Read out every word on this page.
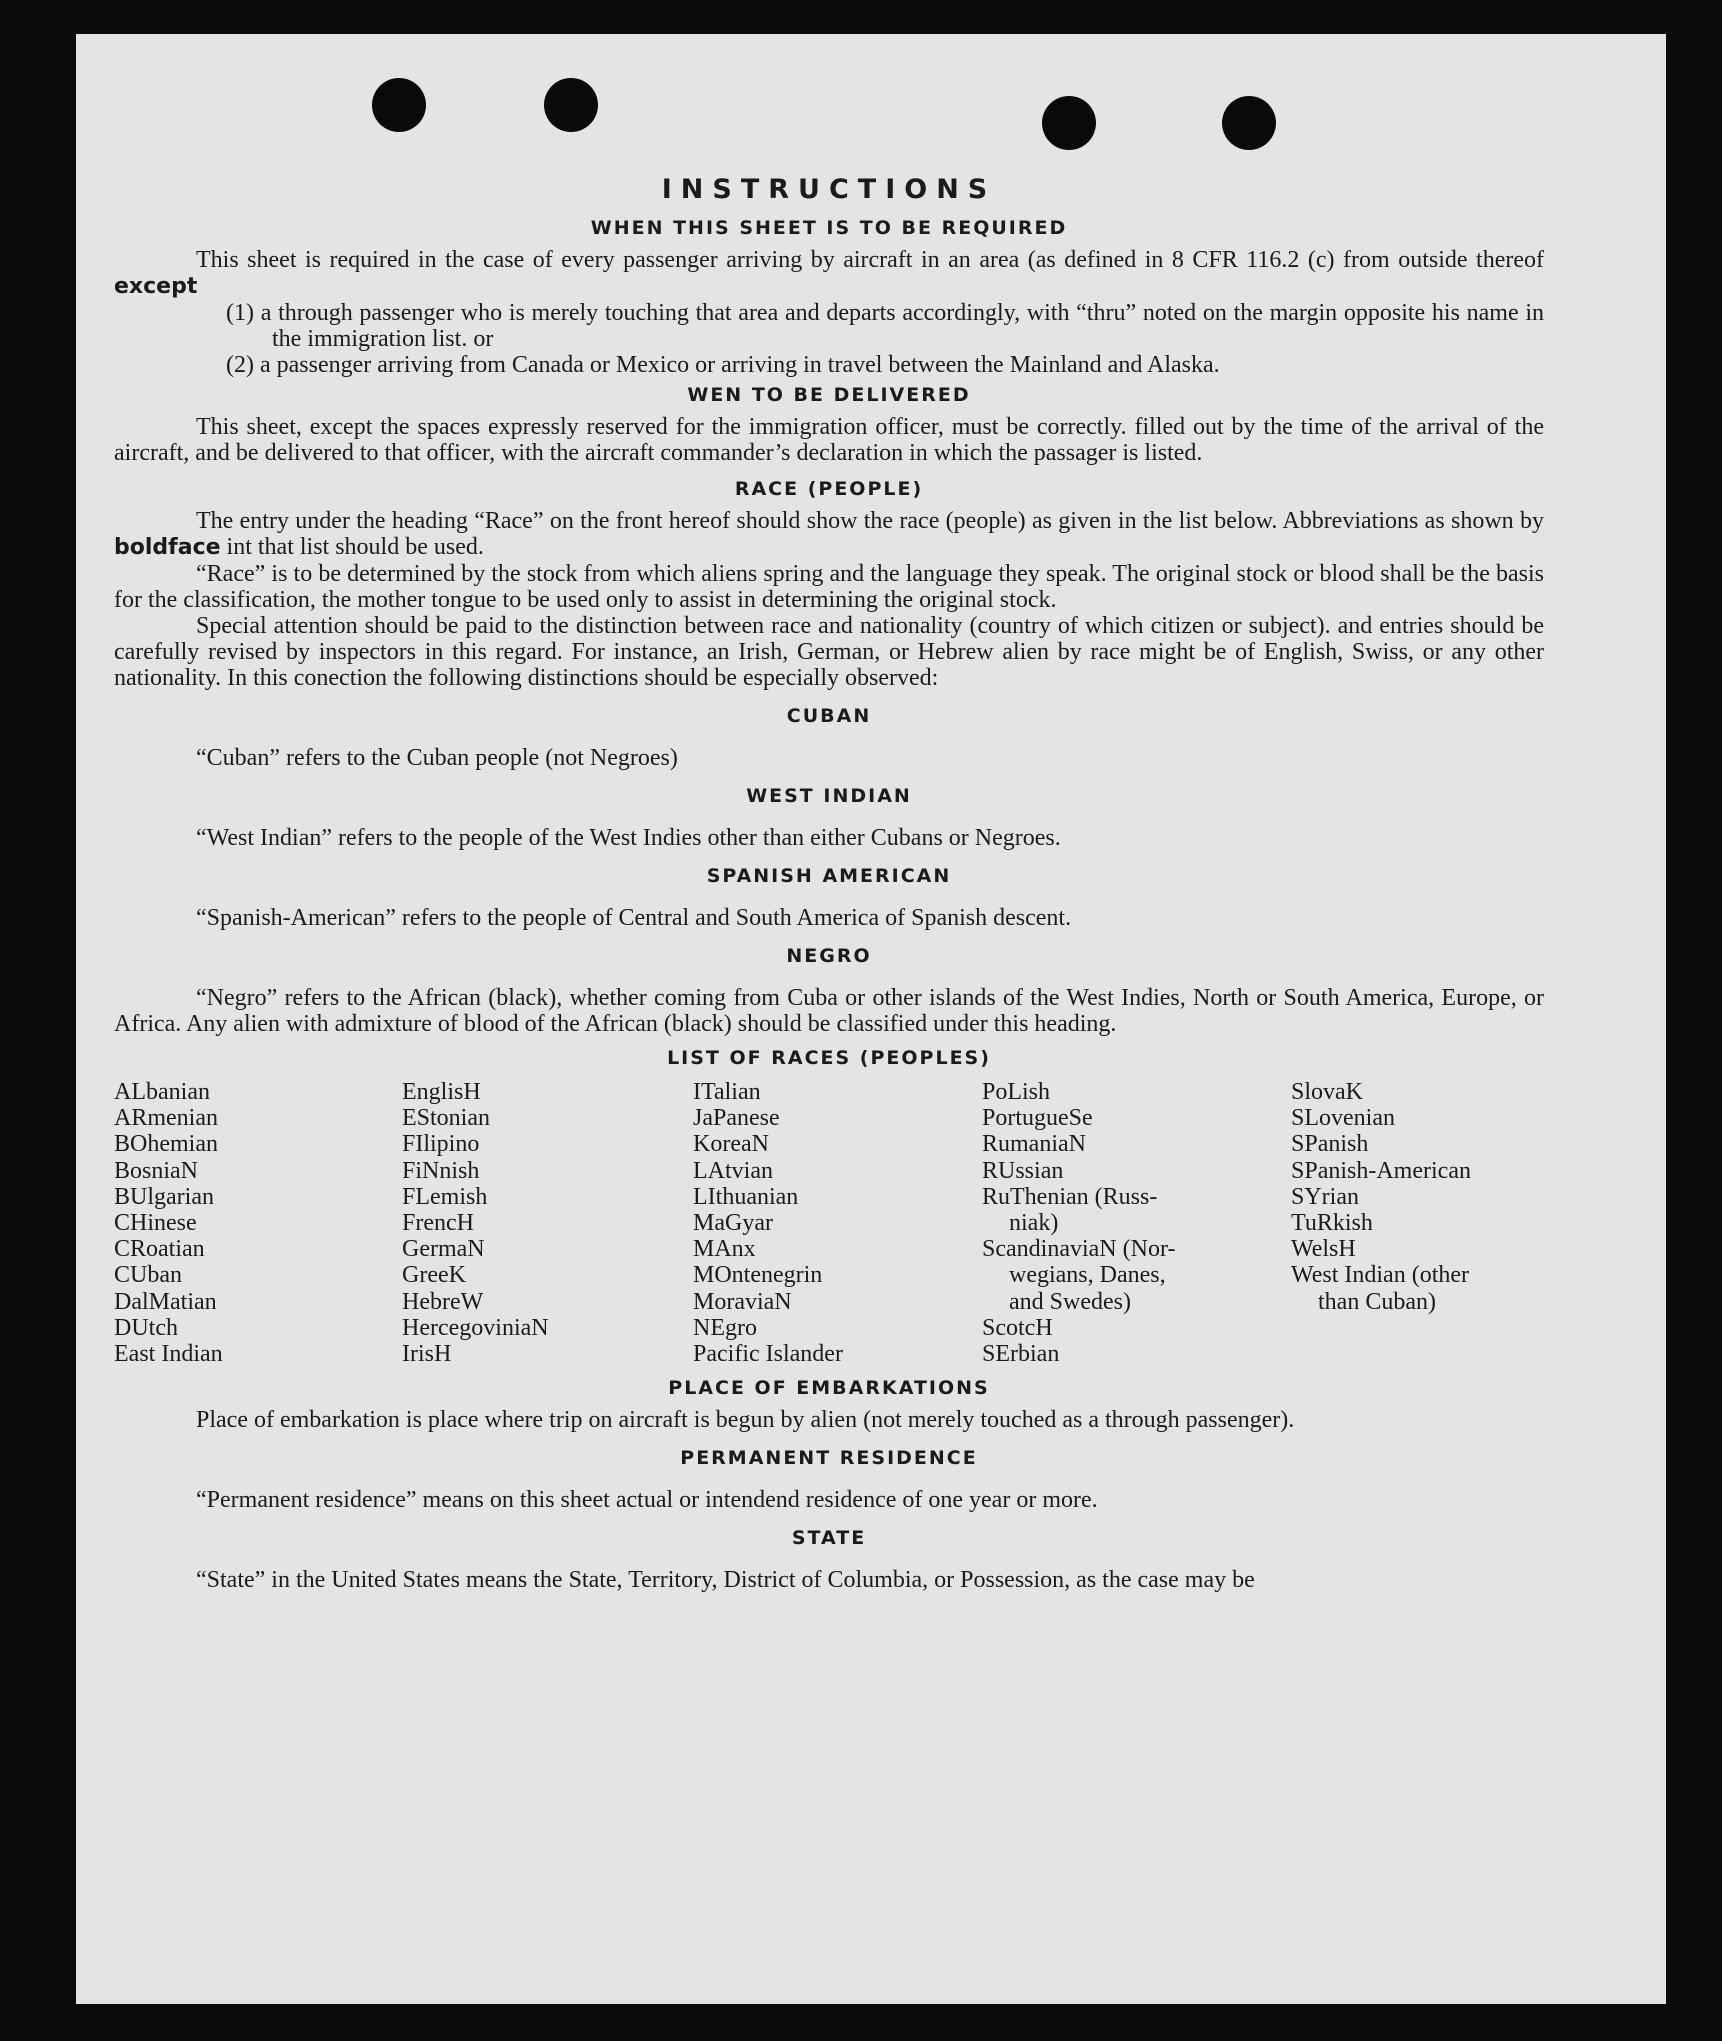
INSTRUCTIONS
WHEN THIS SHEET IS TO BE REQUIRED

This sheet is required in the case of every passenger arriving by aircraft in an area (as defined in 8 CFR 116.2 (c) from outside thereof except

(1) a through passenger who is merely touching that area and departs accordingly, with “thru” noted on the margin opposite his name in the immigration list. or
(2) a passenger arriving from Canada or Mexico or arriving in travel between the Mainland and Alaska.
WEN TO BE DELIVERED

This sheet, except the spaces expressly reserved for the immigration officer, must be correctly. filled out by the time of the arrival of the aircraft, and be delivered to that officer, with the aircraft commander’s declaration in which the passager is listed.

RACE (PEOPLE)

The entry under the heading “Race” on the front hereof should show the race (people) as given in the list below. Abbreviations as shown by boldface int that list should be used.

“Race” is to be determined by the stock from which aliens spring and the language they speak. The original stock or blood shall be the basis for the classification, the mother tongue to be used only to assist in determining the original stock.

Special attention should be paid to the distinction between race and nationality (country of which citizen or subject). and entries should be carefully revised by inspectors in this regard. For instance, an Irish, German, or Hebrew alien by race might be of English, Swiss, or any other nationality. In this conection the following distinctions should be especially observed:

CUBAN

“Cuban” refers to the Cuban people (not Negroes)

WEST INDIAN

“West Indian” refers to the people of the West Indies other than either Cubans or Negroes.

SPANISH AMERICAN

“Spanish-American” refers to the people of Central and South America of Spanish descent.

NEGRO

“Negro” refers to the African (black), whether coming from Cuba or other islands of the West Indies, North or South America, Europe, or Africa. Any alien with admixture of blood of the African (black) should be classified under this heading.

LIST OF RACES (PEOPLES)
ALbanian
ARmenian
BOhemian
BosniaN
BUlgarian
CHinese
CRoatian
CUban
DalMatian
DUtch
East Indian
EnglisH
EStonian
FIlipino
FiNnish
FLemish
FrencH
GermaN
GreeK
HebreW
HercegoviniaN
IrisH
ITalian
JaPanese
KoreaN
LAtvian
LIthuanian
MaGyar
MAnx
MOntenegrin
MoraviaN
NEgro
Pacific Islander
PoLish
PortugueSe
RumaniaN
RUssian
RuThenian (Russ-
niak)
ScandinaviaN (Nor-
wegians, Danes,
and Swedes)
ScotcH
SErbian
SlovaK
SLovenian
SPanish
SPanish-American
SYrian
TuRkish
WelsH
West Indian (other
than Cuban)
PLACE OF EMBARKATIONS

Place of embarkation is place where trip on aircraft is begun by alien (not merely touched as a through passenger).

PERMANENT RESIDENCE

“Permanent residence” means on this sheet actual or intendend residence of one year or more.

STATE

“State” in the United States means the State, Territory, District of Columbia, or Possession, as the case may be
